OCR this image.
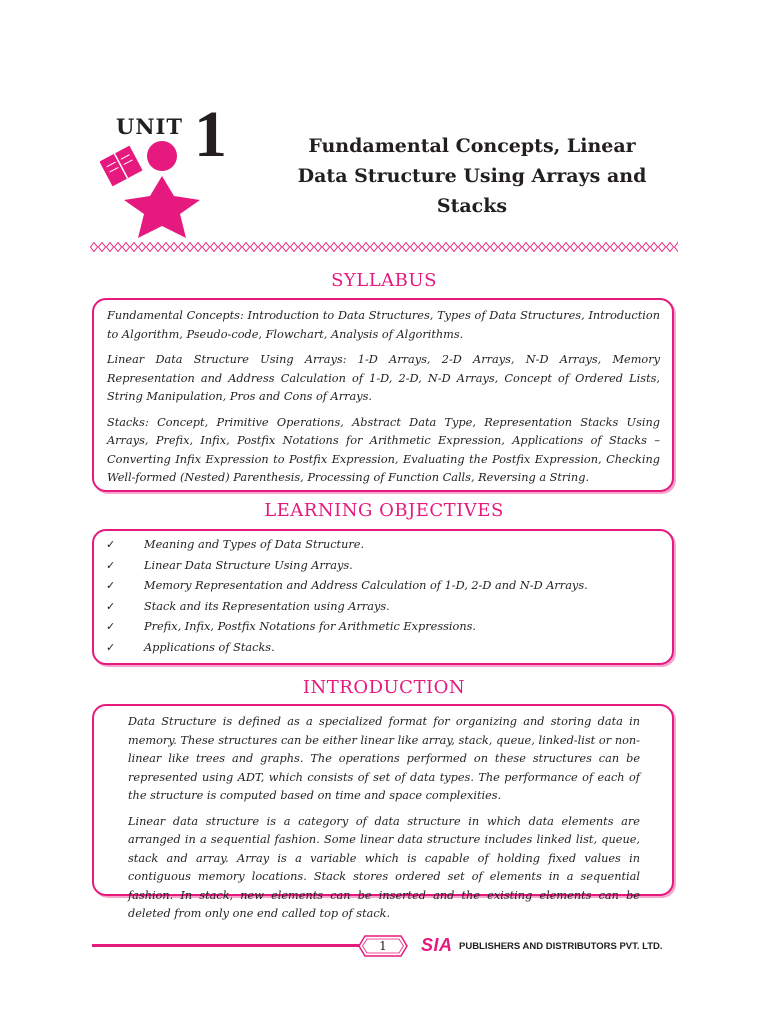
UNIT 1	Fundamental Concepts, Linear
Data Structure Using Arrays and
Stacks
SYLLABUS

Fundamental Concepts: Introduction to Data Structures, Types of Data Structures, Introduction to Algorithm, Pseudo-code, Flowchart, Analysis of Algorithms.

Linear Data Structure Using Arrays: 1-D Arrays, 2-D Arrays, N-D Arrays, Memory Representation and Address Calculation of 1-D, 2-D, N-D Arrays, Concept of Ordered Lists, String Manipulation, Pros and Cons of Arrays.

Stacks: Concept, Primitive Operations, Abstract Data Type, Representation Stacks Using Arrays, Prefix, Infix, Postfix Notations for Arithmetic Expression, Applications of Stacks – Converting Infix Expression to Postfix Expression, Evaluating the Postfix Expression, Checking Well-formed (Nested) Parenthesis, Processing of Function Calls, Reversing a String.

LEARNING OBJECTIVES
✓	Meaning and Types of Data Structure.
✓	Linear Data Structure Using Arrays.
✓	Memory Representation and Address Calculation of 1-D, 2-D and N-D Arrays.
✓	Stack and its Representation using Arrays.
✓	Prefix, Infix, Postfix Notations for Arithmetic Expressions.
✓	Applications of Stacks.
INTRODUCTION

Data Structure is defined as a specialized format for organizing and storing data in memory. These structures can be either linear like array, stack, queue, linked-list or non-linear like trees and graphs. The operations performed on these structures can be represented using ADT, which consists of set of data types. The performance of each of the structure is computed based on time and space complexities.

Linear data structure is a category of data structure in which data elements are arranged in a sequential fashion. Some linear data structure includes linked list, queue, stack and array. Array is a variable which is capable of holding fixed values in contiguous memory locations. Stack stores ordered set of elements in a sequential fashion. In stack, new elements can be inserted and the existing elements can be deleted from only one end called top of stack.

1	SIA PUBLISHERS AND DISTRIBUTORS PVT. LTD.
